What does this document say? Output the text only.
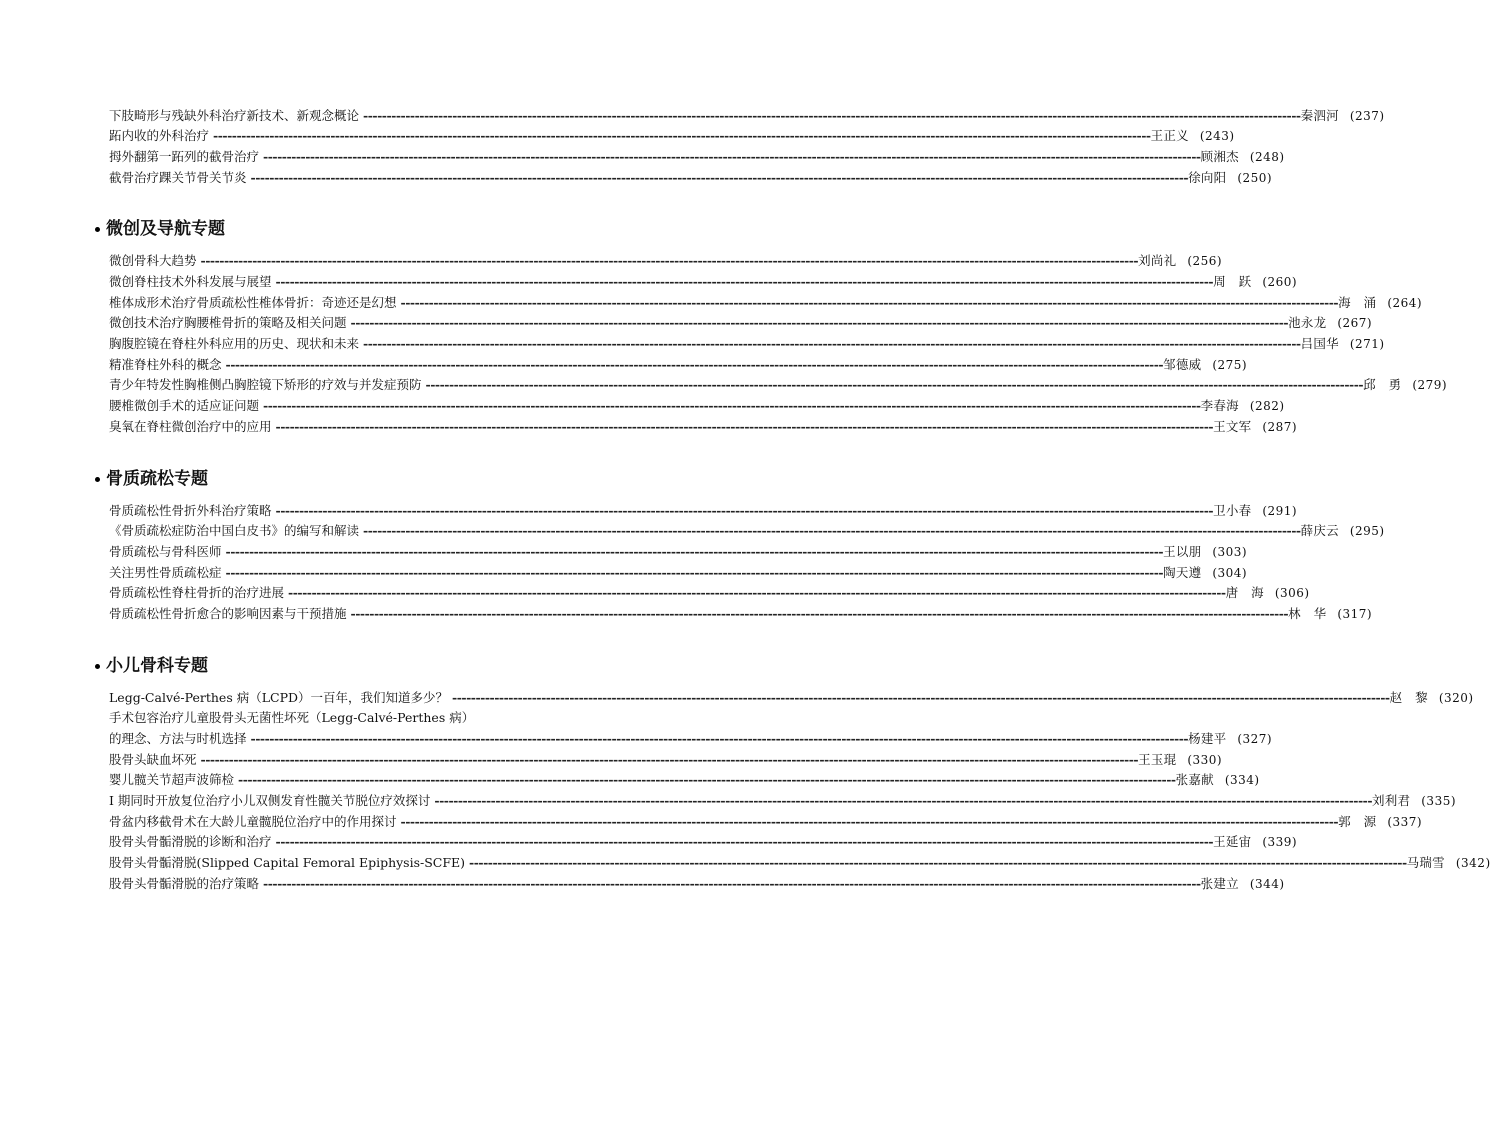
下肢畸形与残缺外科治疗新技术、新观念概论 -------------------------------------------------------------------------------------------------------------------------------------------------------------------------------------------------------- 秦泗河 (237)
跖内收的外科治疗 -------------------------------------------------------------------------------------------------------------------------------------------------------------------------------------------------------- 王正义 (243)
拇外翻第一跖列的截骨治疗 -------------------------------------------------------------------------------------------------------------------------------------------------------------------------------------------------------- 顾湘杰 (248)
截骨治疗踝关节骨关节炎 -------------------------------------------------------------------------------------------------------------------------------------------------------------------------------------------------------- 徐向阳 (250)
微创及导航专题
微创骨科大趋势 -------------------------------------------------------------------------------------------------------------------------------------------------------------------------------------------------------- 刘尚礼 (256)
微创脊柱技术外科发展与展望 -------------------------------------------------------------------------------------------------------------------------------------------------------------------------------------------------------- 周　跃 (260)
椎体成形术治疗骨质疏松性椎体骨折：奇迹还是幻想 -------------------------------------------------------------------------------------------------------------------------------------------------------------------------------------------------------- 海　涌 (264)
微创技术治疗胸腰椎骨折的策略及相关问题 -------------------------------------------------------------------------------------------------------------------------------------------------------------------------------------------------------- 池永龙 (267)
胸腹腔镜在脊柱外科应用的历史、现状和未来 -------------------------------------------------------------------------------------------------------------------------------------------------------------------------------------------------------- 吕国华 (271)
精准脊柱外科的概念 -------------------------------------------------------------------------------------------------------------------------------------------------------------------------------------------------------- 邹德威 (275)
青少年特发性胸椎侧凸胸腔镜下矫形的疗效与并发症预防 -------------------------------------------------------------------------------------------------------------------------------------------------------------------------------------------------------- 邱　勇 (279)
腰椎微创手术的适应证问题 -------------------------------------------------------------------------------------------------------------------------------------------------------------------------------------------------------- 李春海 (282)
臭氧在脊柱微创治疗中的应用 -------------------------------------------------------------------------------------------------------------------------------------------------------------------------------------------------------- 王文军 (287)
骨质疏松专题
骨质疏松性骨折外科治疗策略 -------------------------------------------------------------------------------------------------------------------------------------------------------------------------------------------------------- 卫小春 (291)
《骨质疏松症防治中国白皮书》的编写和解读 -------------------------------------------------------------------------------------------------------------------------------------------------------------------------------------------------------- 薛庆云 (295)
骨质疏松与骨科医师 -------------------------------------------------------------------------------------------------------------------------------------------------------------------------------------------------------- 王以朋 (303)
关注男性骨质疏松症 -------------------------------------------------------------------------------------------------------------------------------------------------------------------------------------------------------- 陶天遵 (304)
骨质疏松性脊柱骨折的治疗进展 -------------------------------------------------------------------------------------------------------------------------------------------------------------------------------------------------------- 唐　海 (306)
骨质疏松性骨折愈合的影响因素与干预措施 -------------------------------------------------------------------------------------------------------------------------------------------------------------------------------------------------------- 林　华 (317)
小儿骨科专题
Legg-Calvé-Perthes 病（LCPD）一百年，我们知道多少？ -------------------------------------------------------------------------------------------------------------------------------------------------------------------------------------------------------- 赵　黎 (320)
手术包容治疗儿童股骨头无菌性坏死（Legg-Calvé-Perthes 病）
的理念、方法与时机选择 -------------------------------------------------------------------------------------------------------------------------------------------------------------------------------------------------------- 杨建平 (327)
股骨头缺血坏死 -------------------------------------------------------------------------------------------------------------------------------------------------------------------------------------------------------- 王玉琨 (330)
婴儿髋关节超声波筛检 -------------------------------------------------------------------------------------------------------------------------------------------------------------------------------------------------------- 张嘉献 (334)
I 期同时开放复位治疗小儿双侧发育性髋关节脱位疗效探讨 -------------------------------------------------------------------------------------------------------------------------------------------------------------------------------------------------------- 刘利君 (335)
骨盆内移截骨术在大龄儿童髋脱位治疗中的作用探讨 -------------------------------------------------------------------------------------------------------------------------------------------------------------------------------------------------------- 郭　源 (337)
股骨头骨骺滑脱的诊断和治疗 -------------------------------------------------------------------------------------------------------------------------------------------------------------------------------------------------------- 王延宙 (339)
股骨头骨骺滑脱(Slipped Capital Femoral Epiphysis-SCFE) -------------------------------------------------------------------------------------------------------------------------------------------------------------------------------------------------------- 马瑞雪 (342)
股骨头骨骺滑脱的治疗策略 -------------------------------------------------------------------------------------------------------------------------------------------------------------------------------------------------------- 张建立 (344)
